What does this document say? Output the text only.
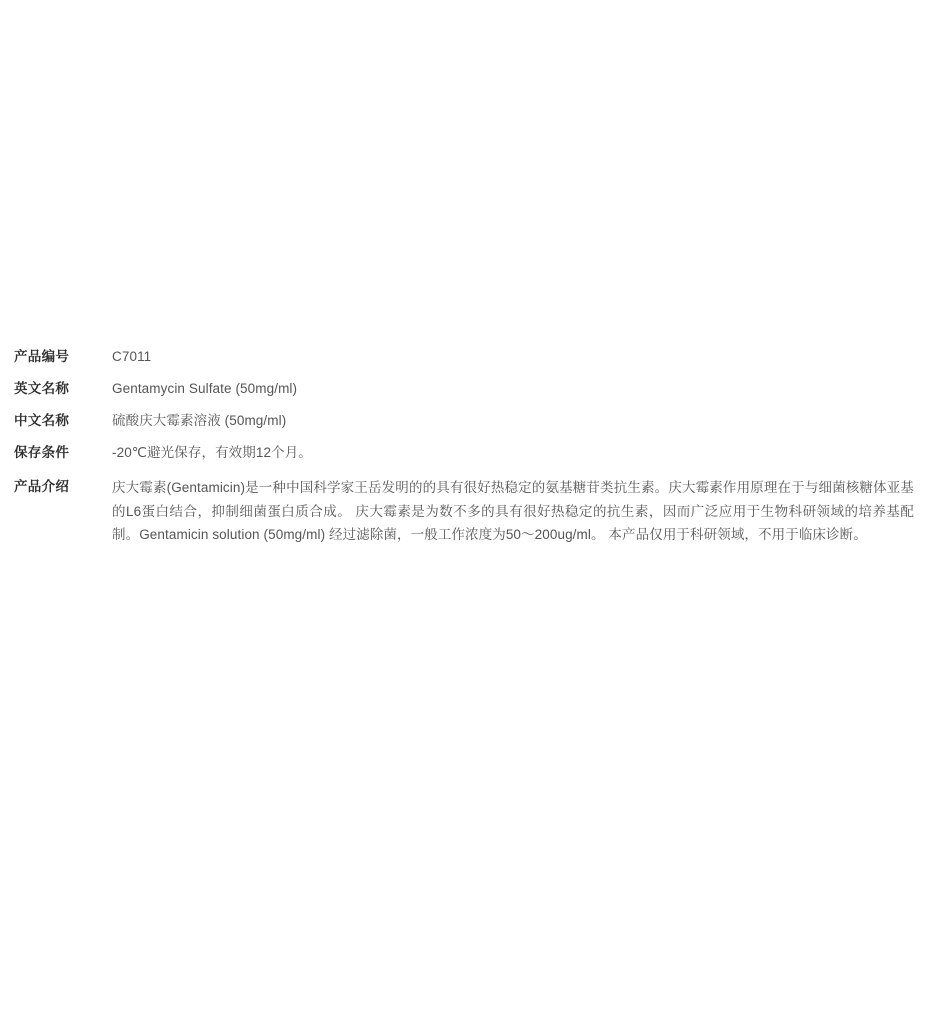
产品编号	C7011
英文名称	Gentamycin Sulfate (50mg/ml)
中文名称	硫酸庆大霉素溶液 (50mg/ml)
保存条件	-20℃避光保存，有效期12个月。
产品介绍	庆大霉素(Gentamicin)是一种中国科学家王岳发明的的具有很好热稳定的氨基糖苷类抗生素。庆大霉素作用原理在于与细菌核糖体亚基的L6蛋白结合，抑制细菌蛋白质合成。 庆大霉素是为数不多的具有很好热稳定的抗生素，因而广泛应用于生物科研领域的培养基配制。Gentamicin solution (50mg/ml) 经过滤除菌，一般工作浓度为50～200ug/ml。 本产品仅用于科研领域，不用于临床诊断。
